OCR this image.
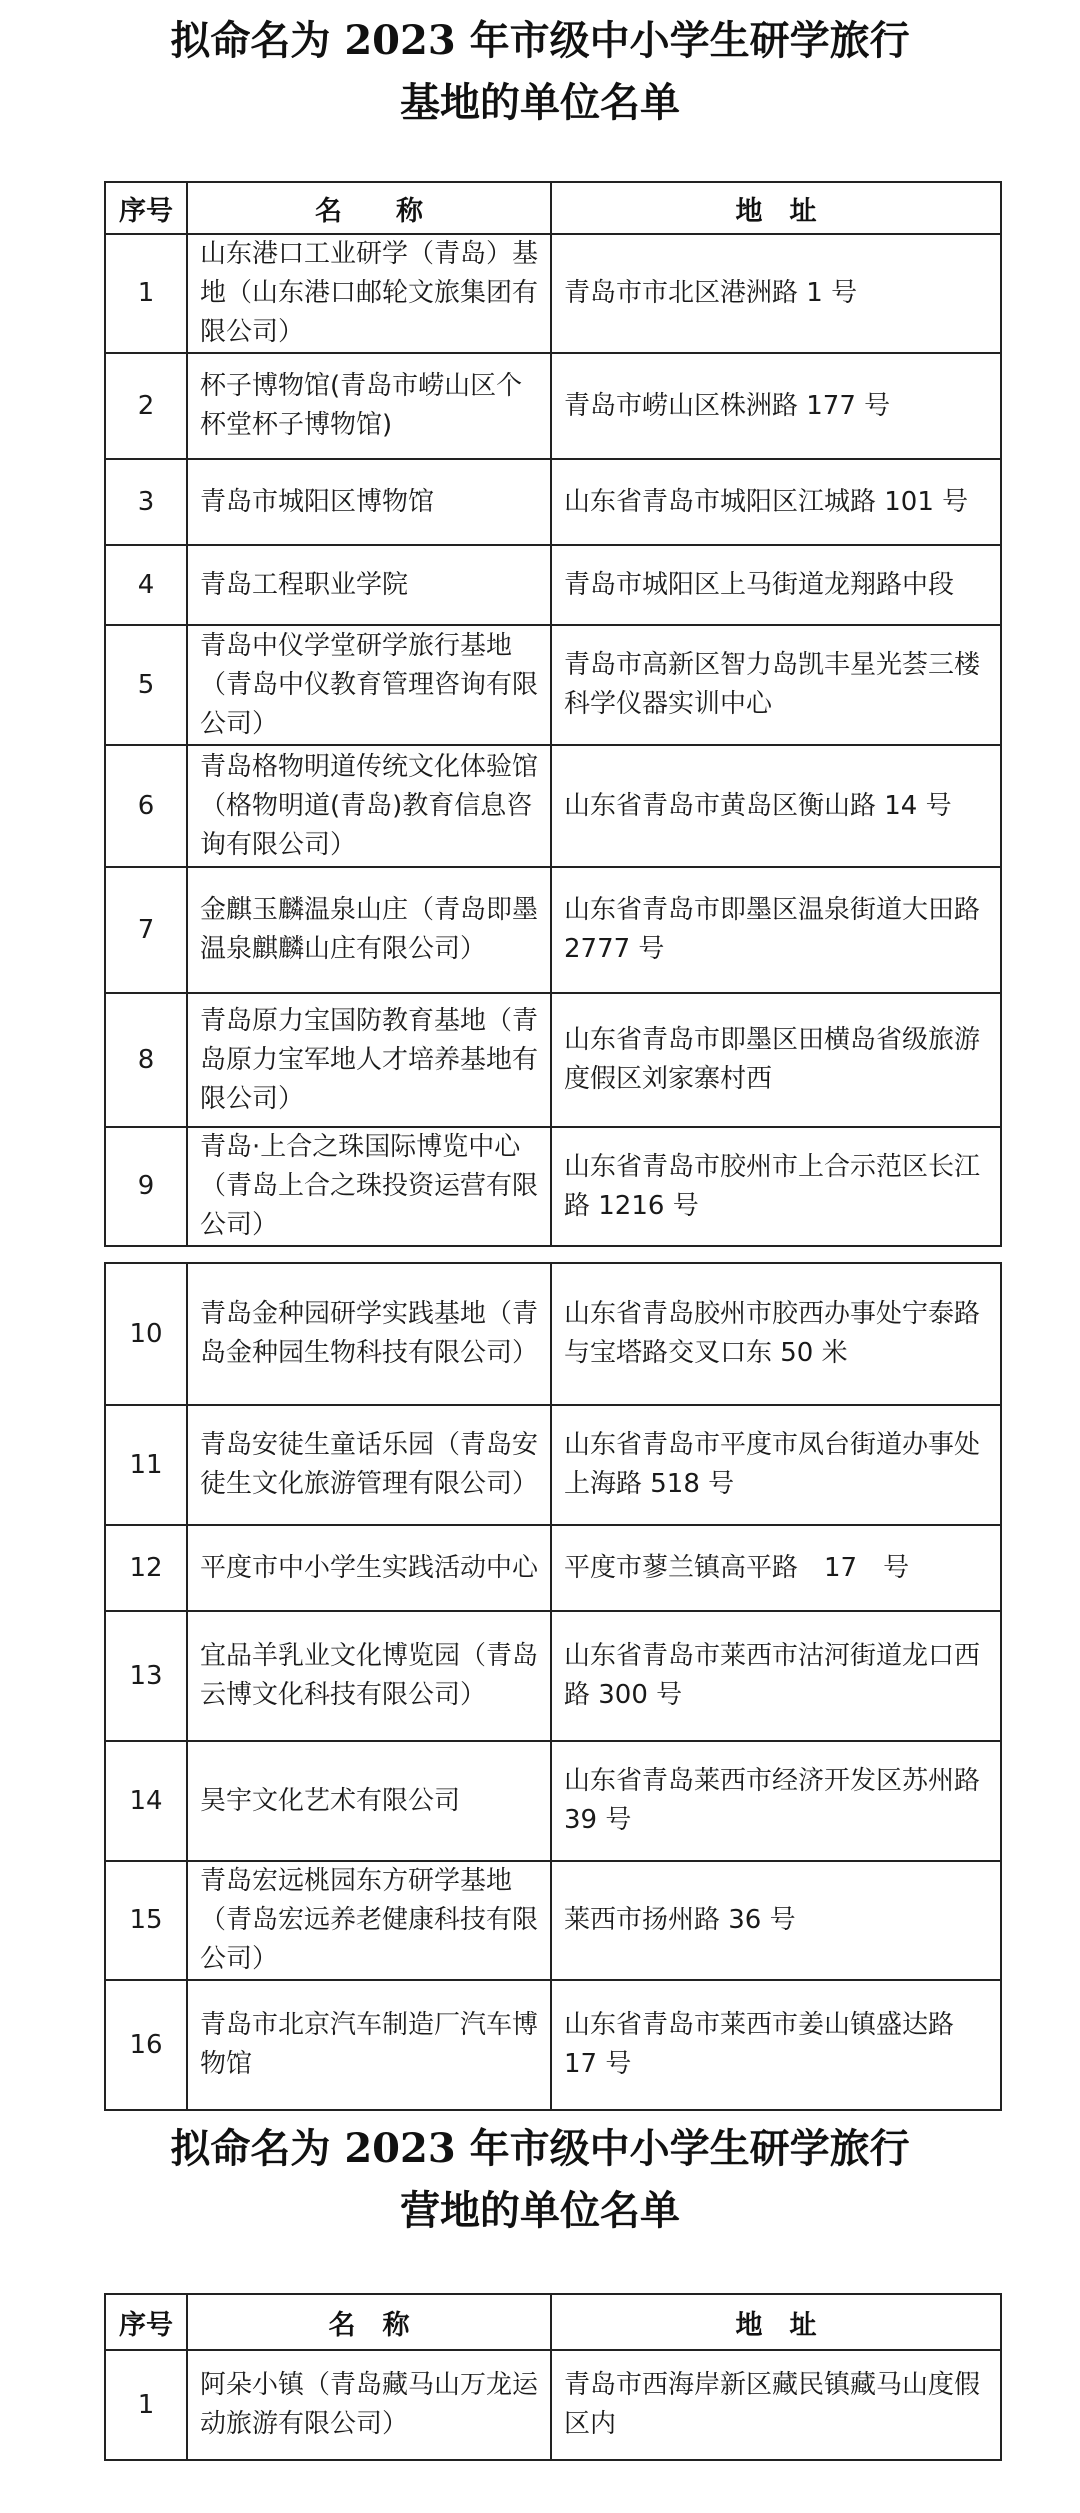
拟命名为 2023 年市级中小学生研学旅行
基地的单位名单
序号	名　　称	地　址
1	山东港口工业研学（青岛）基地（山东港口邮轮文旅集团有限公司）	青岛市市北区港洲路 1 号
2	杯子博物馆(青岛市崂山区个杯堂杯子博物馆)	青岛市崂山区株洲路 177 号
3	青岛市城阳区博物馆	山东省青岛市城阳区江城路 101 号
4	青岛工程职业学院	青岛市城阳区上马街道龙翔路中段
5	青岛中仪学堂研学旅行基地（青岛中仪教育管理咨询有限公司）	青岛市高新区智力岛凯丰星光荟三楼科学仪器实训中心
6	青岛格物明道传统文化体验馆（格物明道(青岛)教育信息咨询有限公司）	山东省青岛市黄岛区衡山路 14 号
7	金麒玉麟温泉山庄（青岛即墨温泉麒麟山庄有限公司）	山东省青岛市即墨区温泉街道大田路 2777 号
8	青岛原力宝国防教育基地（青岛原力宝军地人才培养基地有限公司）	山东省青岛市即墨区田横岛省级旅游度假区刘家寨村西
9	青岛·上合之珠国际博览中心（青岛上合之珠投资运营有限公司）	山东省青岛市胶州市上合示范区长江路 1216 号
10	青岛金种园研学实践基地（青岛金种园生物科技有限公司）	山东省青岛胶州市胶西办事处宁泰路与宝塔路交叉口东 50 米
11	青岛安徒生童话乐园（青岛安徒生文化旅游管理有限公司）	山东省青岛市平度市凤台街道办事处上海路 518 号
12	平度市中小学生实践活动中心	平度市蓼兰镇高平路　17　号
13	宜品羊乳业文化博览园（青岛云博文化科技有限公司）	山东省青岛市莱西市沽河街道龙口西路 300 号
14	昊宇文化艺术有限公司	山东省青岛莱西市经济开发区苏州路　39 号
15	青岛宏远桃园东方研学基地（青岛宏远养老健康科技有限公司）	莱西市扬州路 36 号
16	青岛市北京汽车制造厂汽车博物馆	山东省青岛市莱西市姜山镇盛达路 17 号
拟命名为 2023 年市级中小学生研学旅行
营地的单位名单
序号	名　称	地　址
1	阿朵小镇（青岛藏马山万龙运动旅游有限公司）	青岛市西海岸新区藏民镇藏马山度假区内
